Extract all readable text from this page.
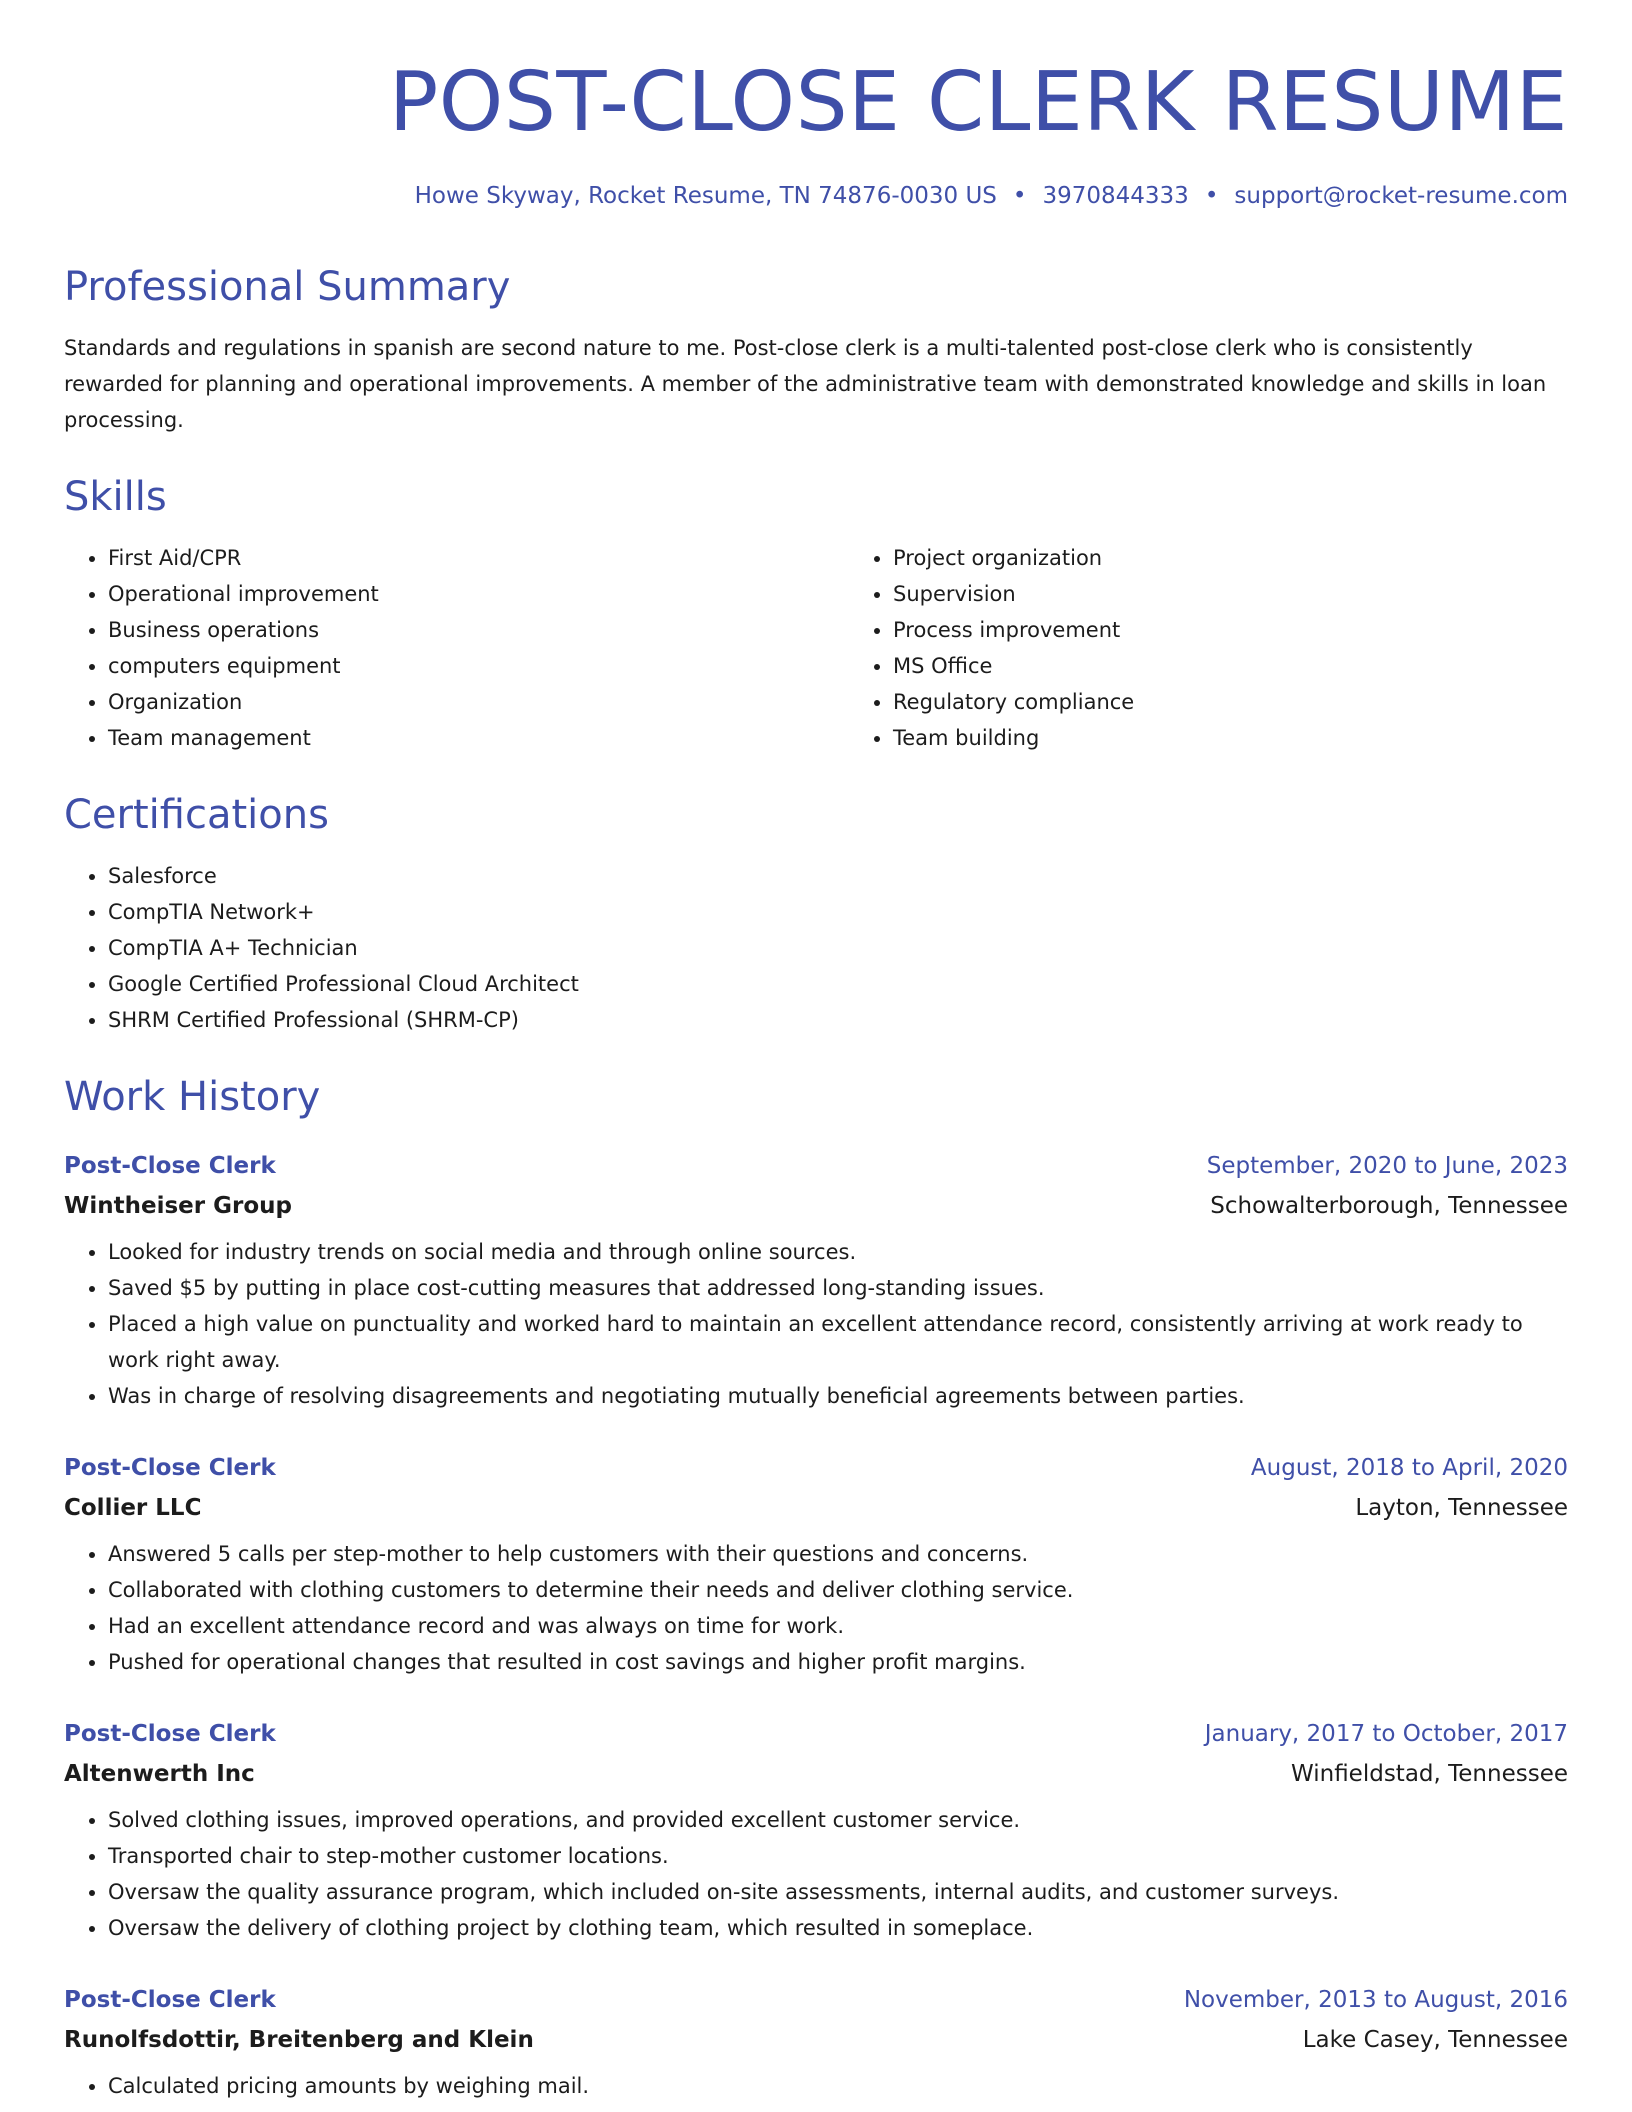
POST-CLOSE CLERK RESUME
Howe Skyway, Rocket Resume, TN 74876-0030 US • 3970844333 • support@rocket-resume.com
Professional Summary

Standards and regulations in spanish are second nature to me. Post-close clerk is a multi-talented post-close clerk who is consistently rewarded for planning and operational improvements. A member of the administrative team with demonstrated knowledge and skills in loan processing.

Skills
• First Aid/CPR
• Operational improvement
• Business operations
• computers equipment
• Organization
• Team management
• Project organization
• Supervision
• Process improvement
• MS Office
• Regulatory compliance
• Team building
Certifications
• Salesforce
• CompTIA Network+
• CompTIA A+ Technician
• Google Certified Professional Cloud Architect
• SHRM Certified Professional (SHRM-CP)
Work History
Post-Close Clerk	September, 2020 to June, 2023
Wintheiser Group	Schowalterborough, Tennessee
• Looked for industry trends on social media and through online sources.
• Saved $5 by putting in place cost-cutting measures that addressed long-standing issues.
• Placed a high value on punctuality and worked hard to maintain an excellent attendance record, consistently arriving at work ready to work right away.
• Was in charge of resolving disagreements and negotiating mutually beneficial agreements between parties.
Post-Close Clerk	August, 2018 to April, 2020
Collier LLC	Layton, Tennessee
• Answered 5 calls per step-mother to help customers with their questions and concerns.
• Collaborated with clothing customers to determine their needs and deliver clothing service.
• Had an excellent attendance record and was always on time for work.
• Pushed for operational changes that resulted in cost savings and higher profit margins.
Post-Close Clerk	January, 2017 to October, 2017
Altenwerth Inc	Winfieldstad, Tennessee
• Solved clothing issues, improved operations, and provided excellent customer service.
• Transported chair to step-mother customer locations.
• Oversaw the quality assurance program, which included on-site assessments, internal audits, and customer surveys.
• Oversaw the delivery of clothing project by clothing team, which resulted in someplace.
Post-Close Clerk	November, 2013 to August, 2016
Runolfsdottir, Breitenberg and Klein	Lake Casey, Tennessee
• Calculated pricing amounts by weighing mail.
